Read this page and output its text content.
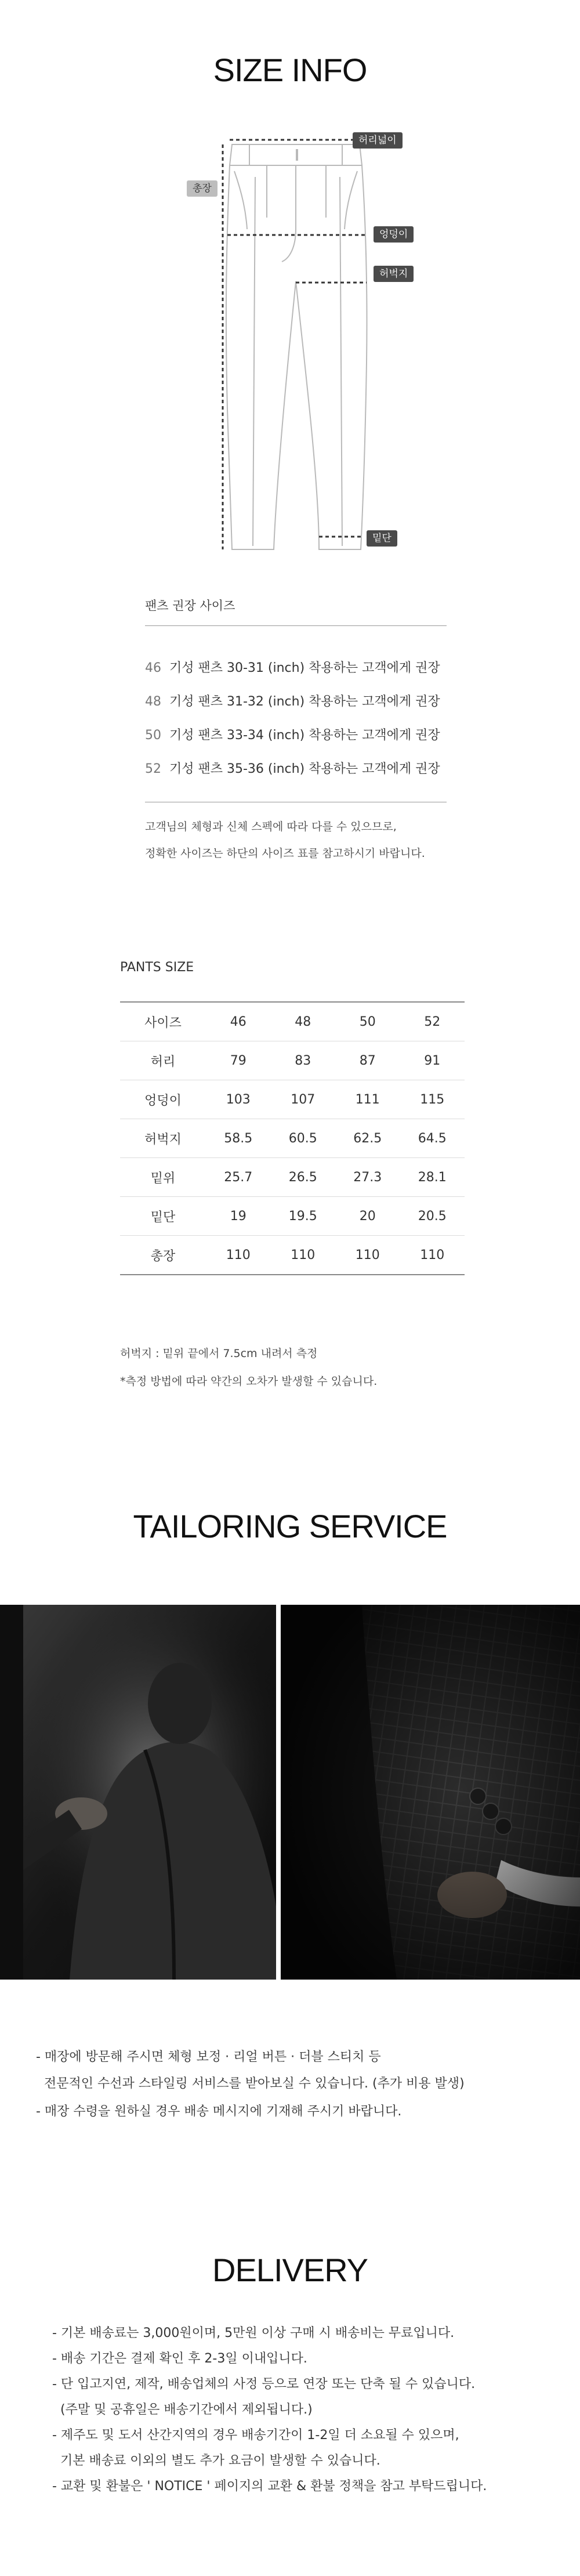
SIZE INFO
허리넓이
총장
엉덩이
허벅지
밑단
팬츠 권장 사이즈
46 기성 팬츠 30-31 (inch) 착용하는 고객에게 권장
48 기성 팬츠 31-32 (inch) 착용하는 고객에게 권장
50 기성 팬츠 33-34 (inch) 착용하는 고객에게 권장
52 기성 팬츠 35-36 (inch) 착용하는 고객에게 권장
고객님의 체형과 신체 스펙에 따라 다를 수 있으므로,
정확한 사이즈는 하단의 사이즈 표를 참고하시기 바랍니다.
PANTS SIZE
사이즈	46	48	50	52
허리	79	83	87	91
엉덩이	103	107	111	115
허벅지	58.5	60.5	62.5	64.5
밑위	25.7	26.5	27.3	28.1
밑단	19	19.5	20	20.5
총장	110	110	110	110
허벅지 : 밑위 끝에서 7.5cm 내려서 측정
*측정 방법에 따라 약간의 오차가 발생할 수 있습니다.
TAILORING SERVICE
- 매장에 방문해 주시면 체형 보정 · 리얼 버튼 · 더블 스티치 등
전문적인 수선과 스타일링 서비스를 받아보실 수 있습니다. (추가 비용 발생)
- 매장 수령을 원하실 경우 배송 메시지에 기재해 주시기 바랍니다.
DELIVERY
- 기본 배송료는 3,000원이며, 5만원 이상 구매 시 배송비는 무료입니다.
- 배송 기간은 결제 확인 후 2-3일 이내입니다.
- 단 입고지연, 제작, 배송업체의 사정 등으로 연장 또는 단축 될 수 있습니다.
(주말 및 공휴일은 배송기간에서 제외됩니다.)
- 제주도 및 도서 산간지역의 경우 배송기간이 1-2일 더 소요될 수 있으며,
기본 배송료 이외의 별도 추가 요금이 발생할 수 있습니다.
- 교환 및 환불은 ' NOTICE ' 페이지의 교환 & 환불 정책을 참고 부탁드립니다.
